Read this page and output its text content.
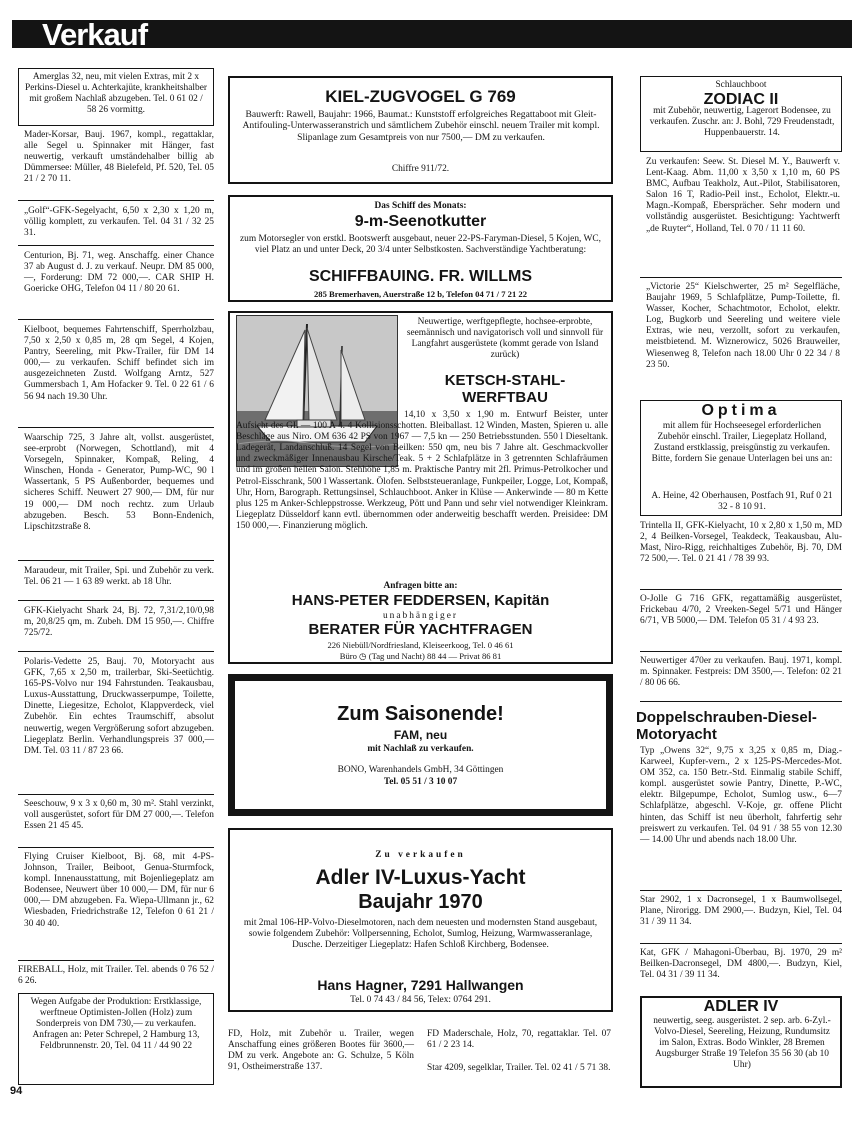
Verkauf
Amerglas 32, neu, mit vielen Extras, mit 2 x Perkins-Diesel u. Achterkajüte, krankheitshalber mit großem Nachlaß abzugeben. Tel. 0 61 02 / 58 26 vormittg.
Mader-Korsar, Bauj. 1967, kompl., regattaklar, alle Segel u. Spinnaker mit Hänger, fast neuwertig, verkauft umständehalber billig ab Dümmersee: Müller, 48 Bielefeld, Pf. 520, Tel. 05 21 / 2 70 11.
„Golf“-GFK-Segelyacht, 6,50 x 2,30 x 1,20 m, völlig komplett, zu verkaufen. Tel. 04 31 / 32 25 31.
Centurion, Bj. 71, weg. Anschaffg. einer Chance 37 ab August d. J. zu verkauf. Neupr. DM 85 000,—, Forderung: DM 72 000,—. CAR SHIP H. Goericke OHG, Telefon 04 11 / 80 20 61.
Kielboot, bequemes Fahrtenschiff, Sperrholzbau, 7,50 x 2,50 x 0,85 m, 28 qm Segel, 4 Kojen, Pantry, Seereling, mit Pkw-Trailer, für DM 14 000,— zu verkaufen. Schiff befindet sich im ausgezeichneten Zustd. Wolfgang Arntz, 527 Gummersbach 1, Am Hofacker 9. Tel. 0 22 61 / 6 56 94 nach 19.30 Uhr.
Waarschip 725, 3 Jahre alt, vollst. ausgerüstet, see-erprobt (Norwegen, Schottland), mit 4 Vorsegeln, Spinnaker, Kompaß, Reling, 4 Winschen, Honda - Generator, Pump-WC, 90 l Wassertank, 5 PS Außenborder, bequemes und sicheres Schiff. Neuwert 27 900,— DM, für nur 19 000,— DM noch rechtz. zum Urlaub abzugeben. Besch. 53 Bonn-Endenich, Lipschitzstraße 8.
Maraudeur, mit Trailer, Spi. und Zubehör zu verk. Tel. 06 21 — 1 63 89 werkt. ab 18 Uhr.
GFK-Kielyacht Shark 24, Bj. 72, 7,31/2,10/0,98 m, 20,8/25 qm, m. Zubeh. DM 15 950,—. Chiffre 725/72.
Polaris-Vedette 25, Bauj. 70, Motoryacht aus GFK, 7,65 x 2,50 m, trailerbar, Ski-Seetüchtig. 165-PS-Volvo nur 194 Fahrstunden. Teakausbau, Luxus-Ausstattung, Druckwasserpumpe, Toilette, Dinette, Liegesitze, Echolot, Klappverdeck, viel Zubehör. Ein echtes Traumschiff, absolut neuwertig, wegen Vergrößerung sofort abzugeben. Liegeplatz Berlin. Verhandlungspreis 37 000,— DM. Tel. 03 11 / 87 23 66.
Seeschouw, 9 x 3 x 0,60 m, 30 m². Stahl verzinkt, voll ausgerüstet, sofort für DM 27 000,—. Telefon Essen 21 45 45.
Flying Cruiser Kielboot, Bj. 68, mit 4-PS-Johnson, Trailer, Beiboot, Genua-Sturmfock, kompl. Innenausstattung, mit Bojenliegeplatz am Bodensee, Neuwert über 10 000,— DM, für nur 6 000,— DM abzugeben. Fa. Wiepa-Ullmann jr., 62 Wiesbaden, Friedrichstraße 12, Telefon 0 61 21 / 30 40 40.
FIREBALL, Holz, mit Trailer. Tel. abends 0 76 52 / 6 26.
Wegen Aufgabe der Produktion: Erstklassige, werftneue Optimisten-Jollen (Holz) zum Sonderpreis von DM 730,— zu verkaufen. Anfragen an: Peter Schrepel, 2 Hamburg 13, Feldbrunnenstr. 20, Tel. 04 11 / 44 90 22
94
KIEL-ZUGVOGEL G 769
Bauwerft: Rawell, Baujahr: 1966, Baumat.: Kunststoff erfolgreiches Regattaboot mit Gleit-Antifouling-Unterwasseranstrich und sämtlichem Zubehör einschl. neuem Trailer mit kompl. Slipanlage zum Gesamtpreis von nur 7500,— DM zu verkaufen.
Chiffre 911/72.
Das Schiff des Monats:
9-m-Seenotkutter
zum Motorsegler von erstkl. Bootswerft ausgebaut, neuer 22-PS-Faryman-Diesel, 5 Kojen, WC, viel Platz an und unter Deck, 20 3/4 unter Selbstkosten. Sachverständige Yachtberatung:
SCHIFFBAUING. FR. WILLMS
285 Bremerhaven, Auerstraße 12 b, Telefon 04 71 / 7 21 22
Neuwertige, werftgepflegte, hochsee-erprobte, seemännisch und navigatorisch voll und sinnvoll für Langfahrt ausgerüstete (kommt gerade von Island zurück)
KETSCH-STAHL-WERFTBAU
14,10 x 3,50 x 1,90 m. Entwurf Beister, unter Aufsicht des GL — 100 A 4. 4 Kollisionsschotten. Bleiballast. 12 Winden, Masten, Spieren u. alle Beschläge aus Niro. OM 636 42 PS von 1967 — 7,5 kn — 250 Betriebsstunden. 550 l Dieseltank. Ladegerät, Landanschluß. 14 Segel von Beilken: 550 qm, neu bis 7 Jahre alt. Geschmackvoller und zweckmäßiger Innenausbau Kirsche/Teak. 5 + 2 Schlafplätze in 3 getrennten Schlafräumen und im großen hellen Salon. Stehhöhe 1,85 m. Praktische Pantry mit 2fl. Primus-Petrolkocher und Petrol-Eisschrank, 500 l Wassertank. Ölofen. Selbststeueranlage, Funkpeiler, Logge, Lot, Kompaß, Uhr, Horn, Barograph. Rettungsinsel, Schlauchboot. Anker in Klüse — Ankerwinde — 80 m Kette plus 125 m Anker-Schleppstrosse. Werkzeug, Pött und Pann und sehr viel notwendiger Kleinkram. Liegeplatz Düsseldorf kann evtl. übernommen oder anderweitig beschafft werden. Preisidee: DM 150 000,—. Finanzierung möglich.
Anfragen bitte an:
HANS-PETER FEDDERSEN, Kapitän
unabhängiger
BERATER FÜR YACHTFRAGEN
226 Niebüll/Nordfriesland, Kleiseerkoog, Tel. 0 46 61
Büro ◷ (Tag und Nacht) 88 44 — Privat 86 81
Zum Saisonende!
FAM, neu
mit Nachlaß zu verkaufen.
BONO, Warenhandels GmbH, 34 Göttingen
Tel. 05 51 / 3 10 07
Zu verkaufen
Adler IV-Luxus-Yacht
Baujahr 1970
mit 2mal 106-HP-Volvo-Dieselmotoren, nach dem neuesten und modernsten Stand ausgebaut, sowie folgendem Zubehör: Vollpersenning, Echolot, Sumlog, Heizung, Warmwasseranlage, Dusche. Derzeitiger Liegeplatz: Hafen Schloß Kirchberg, Bodensee.
Hans Hagner, 7291 Hallwangen
Tel. 0 74 43 / 84 56, Telex: 0764 291.
FD, Holz, mit Zubehör u. Trailer, wegen Anschaffung eines größeren Bootes für 3600,— DM zu verk. Angebote an: G. Schulze, 5 Köln 91, Ostheimerstraße 137.
FD Maderschale, Holz, 70, regattaklar. Tel. 07 61 / 2 23 14.
Star 4209, segelklar, Trailer. Tel. 02 41 / 5 71 38.
Schlauchboot
ZODIAC II
mit Zubehör, neuwertig, Lagerort Bodensee, zu verkaufen. Zuschr. an: J. Bohl, 729 Freudenstadt, Huppenbauerstr. 14.
Zu verkaufen: Seew. St. Diesel M. Y., Bauwerft v. Lent-Kaag. Abm. 11,00 x 3,50 x 1,10 m, 60 PS BMC, Aufbau Teakholz, Aut.-Pilot, Stabilisatoren, Salon 16 T, Radio-Peil inst., Echolot, Elektr.-u. Magn.-Kompaß, Ebersprächer. Sehr modern und vollständig ausgerüstet. Besichtigung: Yachtwerft „de Ruyter“, Holland, Tel. 0 70 / 11 11 60.
„Victorie 25“ Kielschwerter, 25 m² Segelfläche, Baujahr 1969, 5 Schlafplätze, Pump-Toilette, fl. Wasser, Kocher, Schachtmotor, Echolot, elektr. Log, Bugkorb und Seereling und weitere viele Extras, wie neu, verzollt, sofort zu verkaufen, meistbietend. M. Wiznerowicz, 5026 Brauweiler, Wiesenweg 8, Telefon nach 18.00 Uhr 0 22 34 / 8 23 50.
Optima
mit allem für Hochseesegel erforderlichen Zubehör einschl. Trailer, Liegeplatz Holland, Zustand erstklassig, preisgünstig zu verkaufen. Bitte, fordern Sie genaue Unterlagen bei uns an:
A. Heine, 42 Oberhausen, Postfach 91, Ruf 0 21 32 - 8 10 91.
Trintella II, GFK-Kielyacht, 10 x 2,80 x 1,50 m, MD 2, 4 Beilken-Vorsegel, Teakdeck, Teakausbau, Alu-Mast, Niro-Rigg, reichhaltiges Zubehör, Bj. 70, DM 72 500,—. Tel. 0 21 41 / 78 39 93.
O-Jolle G 716 GFK, regattamäßig ausgerüstet, Frickebau 4/70, 2 Vreeken-Segel 5/71 und Hänger 6/71, VB 5000,— DM. Telefon 05 31 / 4 93 23.
Neuwertiger 470er zu verkaufen. Bauj. 1971, kompl. m. Spinnaker. Festpreis: DM 3500,—. Telefon: 02 21 / 80 06 66.
Doppelschrauben-Diesel-Motoryacht
Typ „Owens 32“, 9,75 x 3,25 x 0,85 m, Diag.-Karweel, Kupfer-vern., 2 x 125-PS-Mercedes-Mot. OM 352, ca. 150 Betr.-Std. Einmalig stabile Schiff, kompl. ausgerüstet sowie Pantry, Dinette, P.-WC, elektr. Bilgepumpe, Echolot, Sumlog usw., 6—7 Schlafplätze, abgeschl. V-Koje, gr. offene Plicht hinten, das Schiff ist neu überholt, fahrfertig sehr preiswert zu verkaufen. Tel. 04 91 / 38 55 von 12.30 — 14.00 Uhr und abends nach 18.00 Uhr.
Star 2902, 1 x Dacronsegel, 1 x Baumwollsegel, Plane, Nirorigg. DM 2900,—. Budzyn, Kiel, Tel. 04 31 / 39 11 34.
Kat, GFK / Mahagoni-Überbau, Bj. 1970, 29 m² Beilken-Dacronsegel, DM 4800,—. Budzyn, Kiel, Tel. 04 31 / 39 11 34.
ADLER IV
neuwertig, seeg. ausgerüstet. 2 sep. arb. 6-Zyl.-Volvo-Diesel, Seereling, Heizung, Rundumsitz im Salon, Extras. Bodo Winkler, 28 Bremen Augsburger Straße 19 Telefon 35 56 30 (ab 10 Uhr)
